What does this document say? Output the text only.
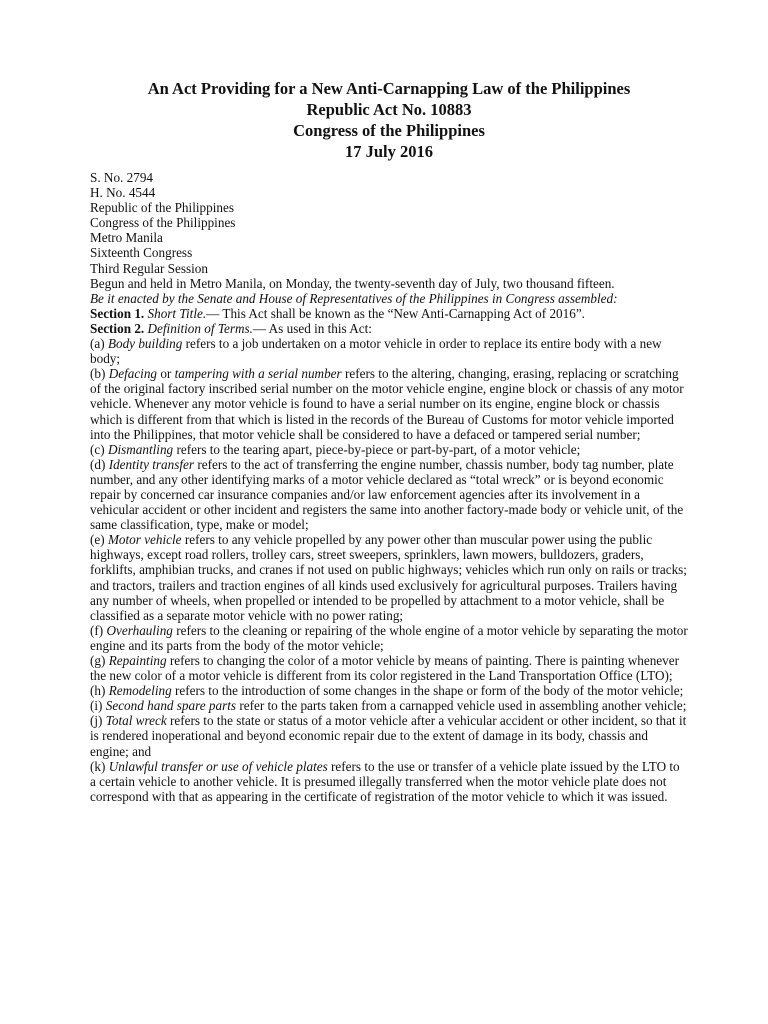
An Act Providing for a New Anti-Carnapping Law of the Philippines
Republic Act No. 10883
Congress of the Philippines
17 July 2016

S. No. 2794

H. No. 4544

Republic of the Philippines

Congress of the Philippines

Metro Manila

Sixteenth Congress

Third Regular Session

Begun and held in Metro Manila, on Monday, the twenty-seventh day of July, two thousand fifteen.

Be it enacted by the Senate and House of Representatives of the Philippines in Congress assembled:

Section 1. Short Title.— This Act shall be known as the “New Anti-Carnapping Act of 2016”.

Section 2. Definition of Terms.— As used in this Act:

(a) Body building refers to a job undertaken on a motor vehicle in order to replace its entire body with a new body;

(b) Defacing or tampering with a serial number refers to the altering, changing, erasing, replacing or scratching of the original factory inscribed serial number on the motor vehicle engine, engine block or chassis of any motor vehicle. Whenever any motor vehicle is found to have a serial number on its engine, engine block or chassis which is different from that which is listed in the records of the Bureau of Customs for motor vehicle imported into the Philippines, that motor vehicle shall be considered to have a defaced or tampered serial number;

(c) Dismantling refers to the tearing apart, piece-by-piece or part-by-part, of a motor vehicle;

(d) Identity transfer refers to the act of transferring the engine number, chassis number, body tag number, plate number, and any other identifying marks of a motor vehicle declared as “total wreck” or is beyond economic repair by concerned car insurance companies and/or law enforcement agencies after its involvement in a vehicular accident or other incident and registers the same into another factory-made body or vehicle unit, of the same classification, type, make or model;

(e) Motor vehicle refers to any vehicle propelled by any power other than muscular power using the public highways, except road rollers, trolley cars, street sweepers, sprinklers, lawn mowers, bulldozers, graders, forklifts, amphibian trucks, and cranes if not used on public highways; vehicles which run only on rails or tracks; and tractors, trailers and traction engines of all kinds used exclusively for agricultural purposes. Trailers having any number of wheels, when propelled or intended to be propelled by attachment to a motor vehicle, shall be classified as a separate motor vehicle with no power rating;

(f) Overhauling refers to the cleaning or repairing of the whole engine of a motor vehicle by separating the motor engine and its parts from the body of the motor vehicle;

(g) Repainting refers to changing the color of a motor vehicle by means of painting. There is painting whenever the new color of a motor vehicle is different from its color registered in the Land Transportation Office (LTO);

(h) Remodeling refers to the introduction of some changes in the shape or form of the body of the motor vehicle;

(i) Second hand spare parts refer to the parts taken from a carnapped vehicle used in assembling another vehicle;

(j) Total wreck refers to the state or status of a motor vehicle after a vehicular accident or other incident, so that it is rendered inoperational and beyond economic repair due to the extent of damage in its body, chassis and engine; and

(k) Unlawful transfer or use of vehicle plates refers to the use or transfer of a vehicle plate issued by the LTO to a certain vehicle to another vehicle. It is presumed illegally transferred when the motor vehicle plate does not correspond with that as appearing in the certificate of registration of the motor vehicle to which it was issued.
